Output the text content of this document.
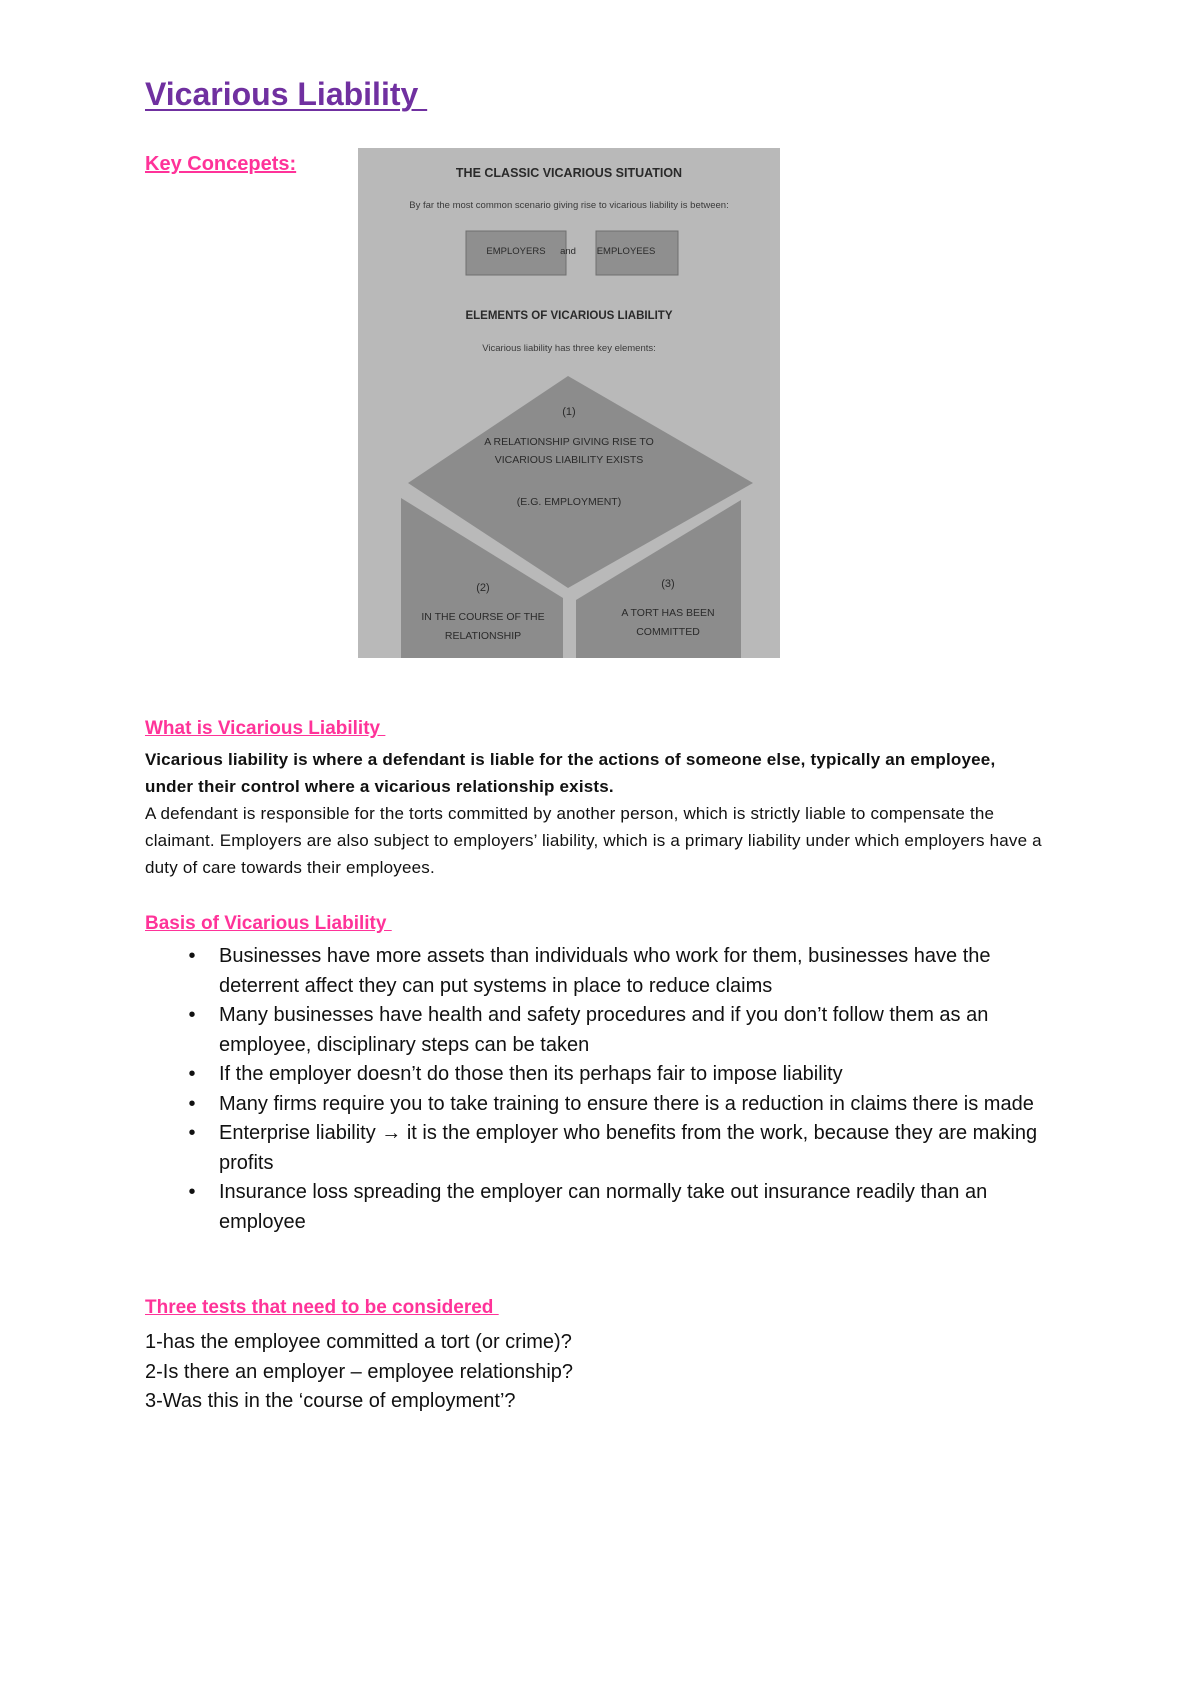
Vicarious Liability
Key Concepets:	THE CLASSIC VICARIOUS SITUATION
By far the most common scenario giving rise to vicarious liability is between:
EMPLOYERS	and	EMPLOYEES
ELEMENTS OF VICARIOUS LIABILITY
Vicarious liability has three key elements:
(1)
A RELATIONSHIP GIVING RISE TO VICARIOUS LIABILITY EXISTS
(E.G. EMPLOYMENT)
(2)
IN THE COURSE OF THE RELATIONSHIP
(3)
A TORT HAS BEEN COMMITTED
What is Vicarious Liability
Vicarious liability is where a defendant is liable for the actions of someone else, typically an employee, under their control where a vicarious relationship exists.
A defendant is responsible for the torts committed by another person, which is strictly liable to compensate the claimant. Employers are also subject to employers’ liability, which is a primary liability under which employers have a duty of care towards their employees.
Basis of Vicarious Liability
• Businesses have more assets than individuals who work for them, businesses have the deterrent affect they can put systems in place to reduce claims
• Many businesses have health and safety procedures and if you don’t follow them as an employee, disciplinary steps can be taken
• If the employer doesn’t do those then its perhaps fair to impose liability
• Many firms require you to take training to ensure there is a reduction in claims there is made
• Enterprise liability → it is the employer who benefits from the work, because they are making profits
• Insurance loss spreading the employer can normally take out insurance readily than an employee
Three tests that need to be considered
1-has the employee committed a tort (or crime)?
2-Is there an employer – employee relationship?
3-Was this in the ‘course of employment’?
